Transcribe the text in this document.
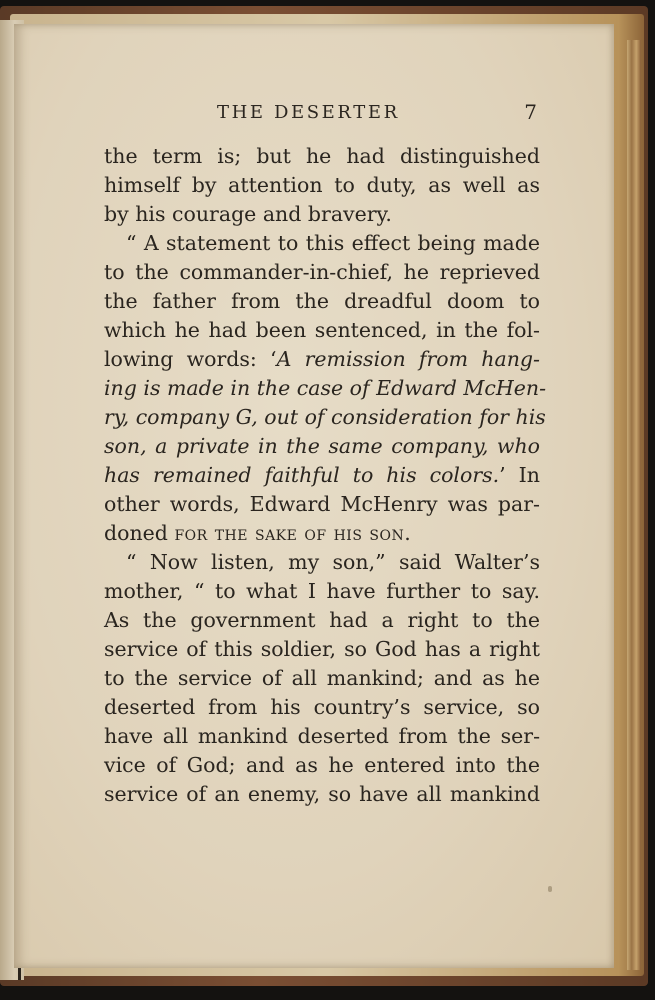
THE DESERTER	7
the term is; but he had distinguished
himself by attention to duty, as well as
by his courage and bravery.
“ A statement to this effect being made
to the commander-in-chief, he reprieved
the father from the dreadful doom to
which he had been sentenced, in the fol-
lowing words: ‘A remission from hang-
ing is made in the case of Edward McHen-
ry, company G, out of consideration for his
son, a private in the same company, who
has remained faithful to his colors.’ In
other words, Edward McHenry was par-
doned for the sake of his son.
“ Now listen, my son,” said Walter’s
mother, “ to what I have further to say.
As the government had a right to the
service of this soldier, so God has a right
to the service of all mankind; and as he
deserted from his country’s service, so
have all mankind deserted from the ser-
vice of God; and as he entered into the
service of an enemy, so have all mankind
